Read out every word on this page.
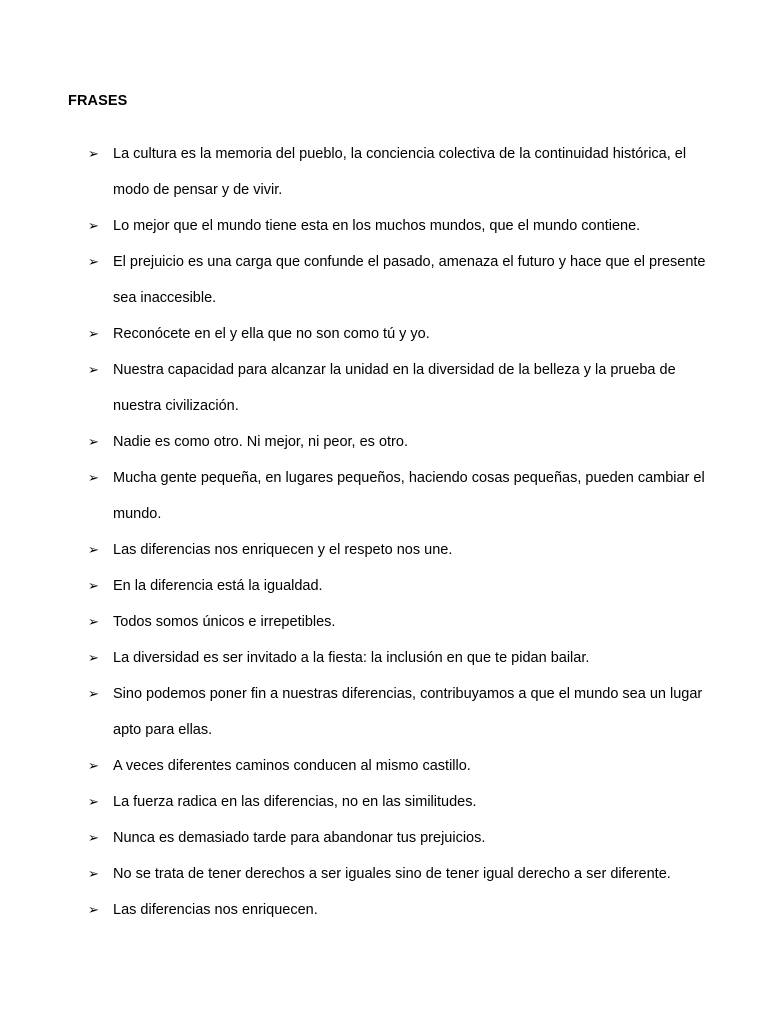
FRASES
➢ La cultura es la memoria del pueblo, la conciencia colectiva de la continuidad histórica, el modo de pensar y de vivir.
➢ Lo mejor que el mundo tiene esta en los muchos mundos, que el mundo contiene.
➢ El prejuicio es una carga que confunde el pasado, amenaza el futuro y hace que el presente sea inaccesible.
➢ Reconócete en el y ella que no son como tú y yo.
➢ Nuestra capacidad para alcanzar la unidad en la diversidad de la belleza y la prueba de nuestra civilización.
➢ Nadie es como otro. Ni mejor, ni peor, es otro.
➢ Mucha gente pequeña, en lugares pequeños, haciendo cosas pequeñas, pueden cambiar el mundo.
➢ Las diferencias nos enriquecen y el respeto nos une.
➢ En la diferencia está la igualdad.
➢ Todos somos únicos e irrepetibles.
➢ La diversidad es ser invitado a la fiesta: la inclusión en que te pidan bailar.
➢ Sino podemos poner fin a nuestras diferencias, contribuyamos a que el mundo sea un lugar apto para ellas.
➢ A veces diferentes caminos conducen al mismo castillo.
➢ La fuerza radica en las diferencias, no en las similitudes.
➢ Nunca es demasiado tarde para abandonar tus prejuicios.
➢ No se trata de tener derechos a ser iguales sino de tener igual derecho a ser diferente.
➢ Las diferencias nos enriquecen.
